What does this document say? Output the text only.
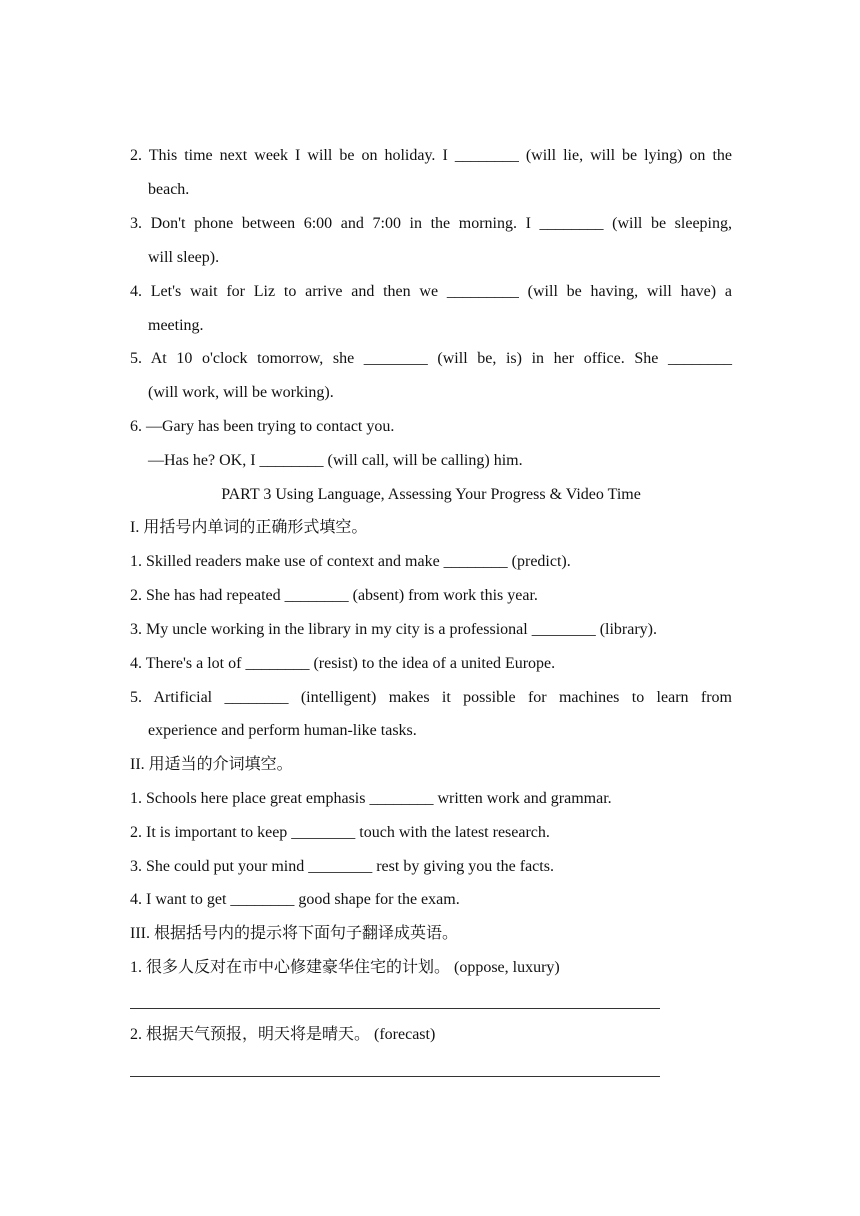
2. This time next week I will be on holiday. I ________ (will lie, will be lying) on the
beach.
3. Don't phone between 6:00 and 7:00 in the morning. I ________ (will be sleeping,
will sleep).
4. Let's wait for Liz to arrive and then we _________ (will be having, will have) a
meeting.
5. At 10 o'clock tomorrow, she ________ (will be, is) in her office. She ________
(will work, will be working).
6. —Gary has been trying to contact you.
—Has he? OK, I ________ (will call, will be calling) him.
PART 3 Using Language, Assessing Your Progress & Video Time
I. 用括号内单词的正确形式填空。
1. Skilled readers make use of context and make ________ (predict).
2. She has had repeated ________ (absent) from work this year.
3. My uncle working in the library in my city is a professional ________ (library).
4. There's a lot of ________ (resist) to the idea of a united Europe.
5. Artificial ________ (intelligent) makes it possible for machines to learn from
experience and perform human-like tasks.
II. 用适当的介词填空。
1. Schools here place great emphasis ________ written work and grammar.
2. It is important to keep ________ touch with the latest research.
3. She could put your mind ________ rest by giving you the facts.
4. I want to get ________ good shape for the exam.
III. 根据括号内的提示将下面句子翻译成英语。
1. 很多人反对在市中心修建豪华住宅的计划。 (oppose, luxury)
2. 根据天气预报，明天将是晴天。 (forecast)
